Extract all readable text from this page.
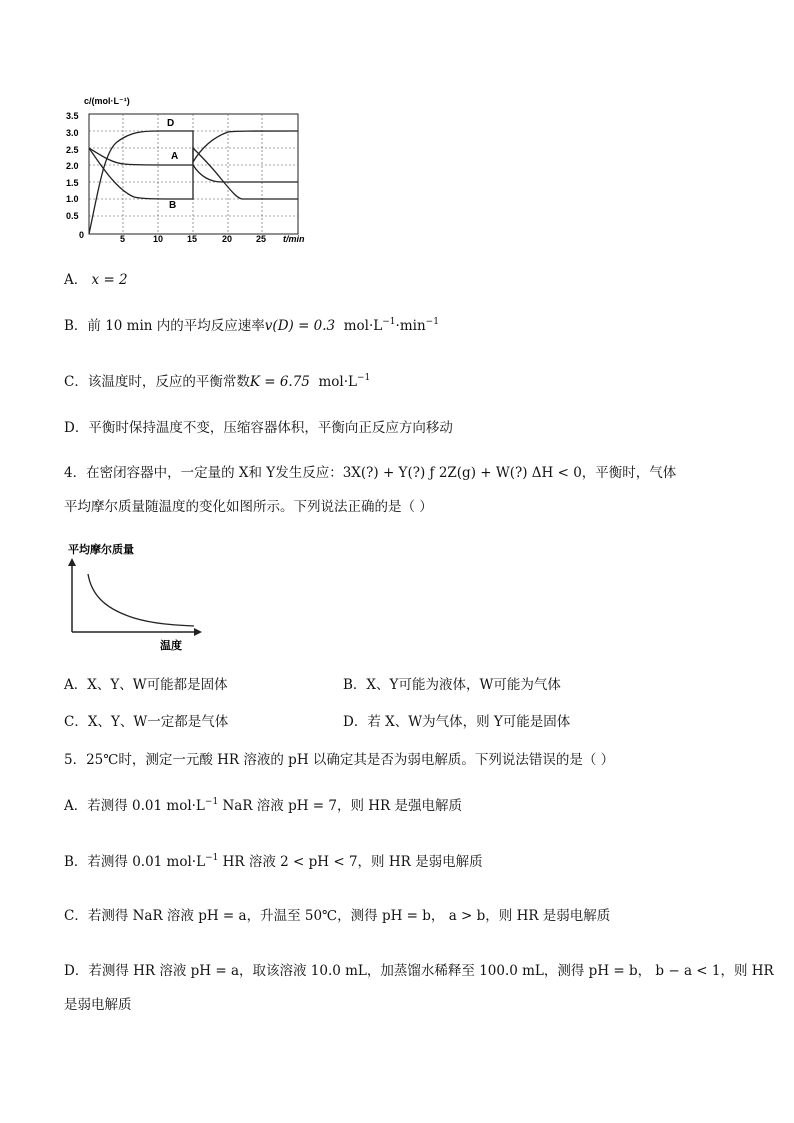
c/(mol·L⁻¹)
3.5
3.0
2.5
2.0
1.5
1.0
0.5
0	5	10	15	20	25 t/min
D
A
B
A． x = 2
B．前 10 min 内的平均反应速率v(D) = 0.3 $mol\cdot L^{-1}\cdot\min^{-1}$
C．该温度时，反应的平衡常数K = 6.75 $mol\cdot L^{-1}$
D．平衡时保持温度不变，压缩容器体积，平衡向正反应方向移动
4．在密闭容器中，一定量的 X和 Y发生反应：3X(?) + Y(?) ƒ 2Z(g) + W(?) ΔH < 0，平衡时，气体
平均摩尔质量随温度的变化如图所示。下列说法正确的是（ ）
平均摩尔质量
温度
A．X、Y、W可能都是固体	B．X、Y可能为液体，W可能为气体
C．X、Y、W一定都是气体	D．若 X、W为气体，则 Y可能是固体
5．25℃时，测定一元酸 HR 溶液的 pH 以确定其是否为弱电解质。下列说法错误的是（ ）
A．若测得 0.01 $mol\cdot L^{-1}$ NaR 溶液 pH = 7，则 HR 是强电解质
B．若测得 0.01 $mol\cdot L^{-1}$ HR 溶液 2 < pH < 7，则 HR 是弱电解质
C．若测得 NaR 溶液 pH = a，升温至 50℃，测得 pH = b， a > b，则 HR 是弱电解质
D．若测得 HR 溶液 pH = a，取该溶液 10.0 mL，加蒸馏水稀释至 100.0 mL，测得 pH = b， b − a < 1，则 HR
是弱电解质
